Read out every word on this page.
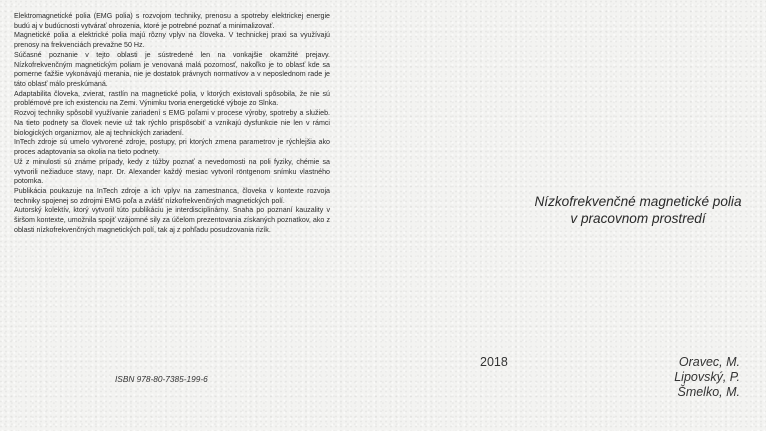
Elektromagnetické polia (EMG polia) s rozvojom techniky, prenosu a spotreby elektrickej energie budú aj v budúcnosti vytvárať ohrozenia, ktoré je potrebné poznať a minimalizovať.

Magnetické polia a elektrické polia majú rôzny vplyv na človeka. V technickej praxi sa využívajú prenosy na frekvenciách prevažne 50 Hz.

Súčasné poznanie v tejto oblasti je sústredené len na vonkajšie okamžité prejavy. Nízkofrekvenčným magnetickým poliam je venovaná malá pozornosť, nakoľko je to oblasť kde sa pomerne ťažšie vykonávajú merania, nie je dostatok právnych normatívov a v neposlednom rade je táto oblasť málo preskúmaná.

Adaptabilita človeka, zvierat, rastlín na magnetické polia, v ktorých existovali spôsobila, že nie sú problémové pre ich existenciu na Zemi. Výnimku tvoria energetické výboje zo Slnka.

Rozvoj techniky spôsobil využívanie zariadení s EMG poľami v procese výroby, spotreby a služieb. Na tieto podnety sa človek nevie už tak rýchlo prispôsobiť a vznikajú dysfunkcie nie len v rámci biologických organizmov, ale aj technických zariadení.

InTech zdroje sú umelo vytvorené zdroje, postupy, pri ktorých zmena parametrov je rýchlejšia ako proces adaptovania sa okolia na tieto podnety.

Už z minulosti sú známe prípady, kedy z túžby poznať a nevedomosti na poli fyziky, chémie sa vytvorili nežiaduce stavy, napr. Dr. Alexander každý mesiac vytvoril röntgenom snímku vlastného potomka.

Publikácia poukazuje na InTech zdroje a ich vplyv na zamestnanca, človeka v kontexte rozvoja techniky spojenej so zdrojmi EMG poľa a zvlášť nízkofrekvenčných magnetických polí.

Autorský kolektív, ktorý vytvoril túto publikáciu je interdisciplinárny. Snaha po poznaní kauzality v širšom kontexte, umožnila spojiť vzájomné sily za účelom prezentovania získaných poznatkov, ako z oblasti nízkofrekvenčných magnetických polí, tak aj z pohľadu posudzovania rizík.

ISBN 978-80-7385-199-6
Nízkofrekvenčné magnetické polia
v pracovnom prostredí
2018	Oravec, M.
Lipovský, P.
Šmelko, M.
